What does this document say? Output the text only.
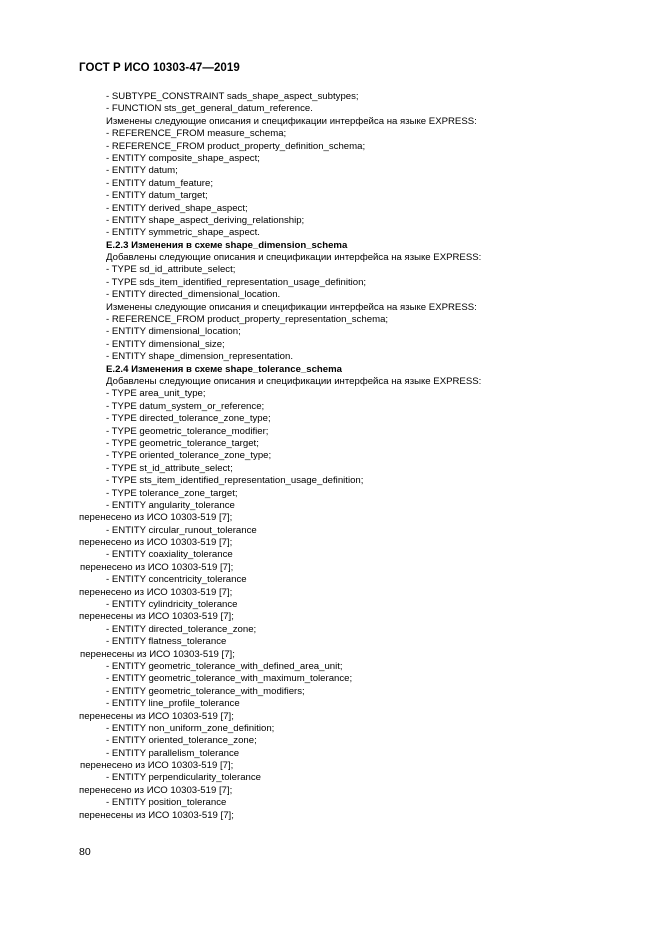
ГОСТ Р ИСО 10303-47—2019
- SUBTYPE_CONSTRAINT sads_shape_aspect_subtypes;
- FUNCTION sts_get_general_datum_reference.
Изменены следующие описания и спецификации интерфейса на языке EXPRESS:
- REFERENCE_FROM measure_schema;
- REFERENCE_FROM product_property_definition_schema;
- ENTITY composite_shape_aspect;
- ENTITY datum;
- ENTITY datum_feature;
- ENTITY datum_target;
- ENTITY derived_shape_aspect;
- ENTITY shape_aspect_deriving_relationship;
- ENTITY symmetric_shape_aspect.
E.2.3 Изменения в схеме shape_dimension_schema
Добавлены следующие описания и спецификации интерфейса на языке EXPRESS:
- TYPE sd_id_attribute_select;
- TYPE sds_item_identified_representation_usage_definition;
- ENTITY directed_dimensional_location.
Изменены следующие описания и спецификации интерфейса на языке EXPRESS:
- REFERENCE_FROM product_property_representation_schema;
- ENTITY dimensional_location;
- ENTITY dimensional_size;
- ENTITY shape_dimension_representation.
E.2.4 Изменения в схеме shape_tolerance_schema
Добавлены следующие описания и спецификации интерфейса на языке EXPRESS:
- TYPE area_unit_type;
- TYPE datum_system_or_reference;
- TYPE directed_tolerance_zone_type;
- TYPE geometric_tolerance_modifier;
- TYPE geometric_tolerance_target;
- TYPE oriented_tolerance_zone_type;
- TYPE st_id_attribute_select;
- TYPE sts_item_identified_representation_usage_definition;
- TYPE tolerance_zone_target;
- ENTITY angularity_tolerance
перенесено из ИСО 10303-519 [7];
- ENTITY circular_runout_tolerance
перенесено из ИСО 10303-519 [7];
- ENTITY coaxiality_tolerance
перенесено из ИСО 10303-519 [7];
- ENTITY concentricity_tolerance
перенесено из ИСО 10303-519 [7];
- ENTITY cylindricity_tolerance
перенесены из ИСО 10303-519 [7];
- ENTITY directed_tolerance_zone;
- ENTITY flatness_tolerance
перенесены из ИСО 10303-519 [7];
- ENTITY geometric_tolerance_with_defined_area_unit;
- ENTITY geometric_tolerance_with_maximum_tolerance;
- ENTITY geometric_tolerance_with_modifiers;
- ENTITY line_profile_tolerance
перенесены из ИСО 10303-519 [7];
- ENTITY non_uniform_zone_definition;
- ENTITY oriented_tolerance_zone;
- ENTITY parallelism_tolerance
перенесено из ИСО 10303-519 [7];
- ENTITY perpendicularity_tolerance
перенесено из ИСО 10303-519 [7];
- ENTITY position_tolerance
перенесены из ИСО 10303-519 [7];
80
